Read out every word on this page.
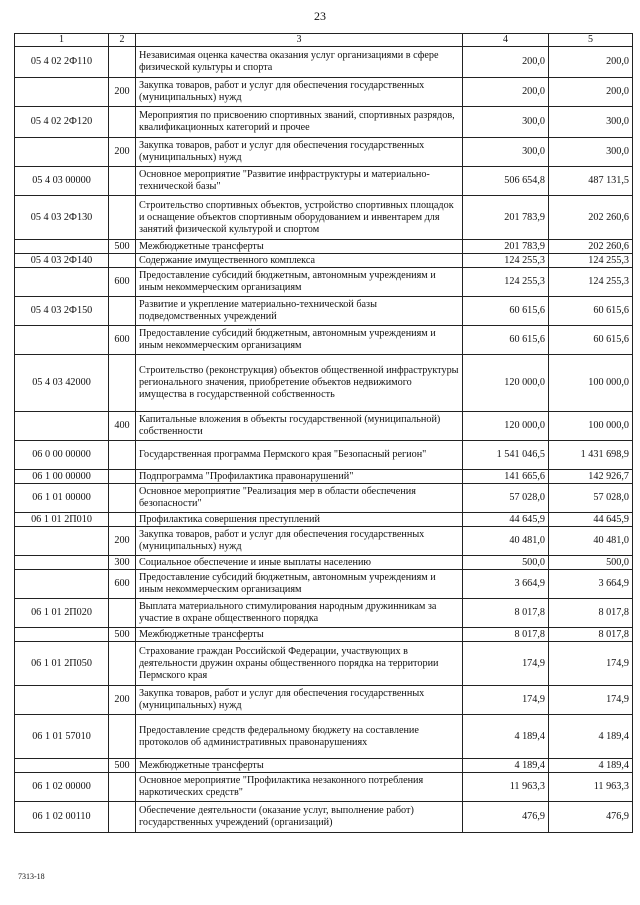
23
1	2	3	4	5
05 4 02 2Ф110		Независимая оценка качества оказания услуг организациями в сфере физической культуры и спорта	200,0	200,0
	200	Закупка товаров, работ и услуг для обеспечения государственных (муниципальных) нужд	200,0	200,0
05 4 02 2Ф120		Мероприятия по присвоению спортивных званий, спортивных разрядов, квалификационных категорий и прочее	300,0	300,0
	200	Закупка товаров, работ и услуг для обеспечения государственных (муниципальных) нужд	300,0	300,0
05 4 03 00000		Основное мероприятие "Развитие инфраструктуры и материально-технической базы"	506 654,8	487 131,5
05 4 03 2Ф130		Строительство спортивных объектов, устройство спортивных площадок и оснащение объектов спортивным оборудованием и инвентарем для занятий физической культурой и спортом	201 783,9	202 260,6
	500	Межбюджетные трансферты	201 783,9	202 260,6
05 4 03 2Ф140		Содержание имущественного комплекса	124 255,3	124 255,3
	600	Предоставление субсидий бюджетным, автономным учреждениям и иным некоммерческим организациям	124 255,3	124 255,3
05 4 03 2Ф150		Развитие и укрепление материально-технической базы подведомственных учреждений	60 615,6	60 615,6
	600	Предоставление субсидий бюджетным, автономным учреждениям и иным некоммерческим организациям	60 615,6	60 615,6
05 4 03 42000		Строительство (реконструкция) объектов общественной инфраструктуры регионального значения, приобретение объектов недвижимого имущества в государственной собственность	120 000,0	100 000,0
	400	Капитальные вложения в объекты государственной (муниципальной) собственности	120 000,0	100 000,0
06 0 00 00000		Государственная программа Пермского края "Безопасный регион"	1 541 046,5	1 431 698,9
06 1 00 00000		Подпрограмма "Профилактика правонарушений"	141 665,6	142 926,7
06 1 01 00000		Основное мероприятие "Реализация мер в области обеспечения безопасности"	57 028,0	57 028,0
06 1 01 2П010		Профилактика совершения преступлений	44 645,9	44 645,9
	200	Закупка товаров, работ и услуг для обеспечения государственных (муниципальных) нужд	40 481,0	40 481,0
	300	Социальное обеспечение и иные выплаты населению	500,0	500,0
	600	Предоставление субсидий бюджетным, автономным учреждениям и иным некоммерческим организациям	3 664,9	3 664,9
06 1 01 2П020		Выплата материального стимулирования народным дружинникам за участие в охране общественного порядка	8 017,8	8 017,8
	500	Межбюджетные трансферты	8 017,8	8 017,8
06 1 01 2П050		Страхование граждан Российской Федерации, участвующих в деятельности дружин охраны общественного порядка на территории Пермского края	174,9	174,9
	200	Закупка товаров, работ и услуг для обеспечения государственных (муниципальных) нужд	174,9	174,9
06 1 01 57010		Предоставление средств федеральному бюджету на составление протоколов об административных правонарушениях	4 189,4	4 189,4
	500	Межбюджетные трансферты	4 189,4	4 189,4
06 1 02 00000		Основное мероприятие "Профилактика незаконного потребления наркотических средств"	11 963,3	11 963,3
06 1 02 00110		Обеспечение деятельности (оказание услуг, выполнение работ) государственных учреждений (организаций)	476,9	476,9
7313-18
